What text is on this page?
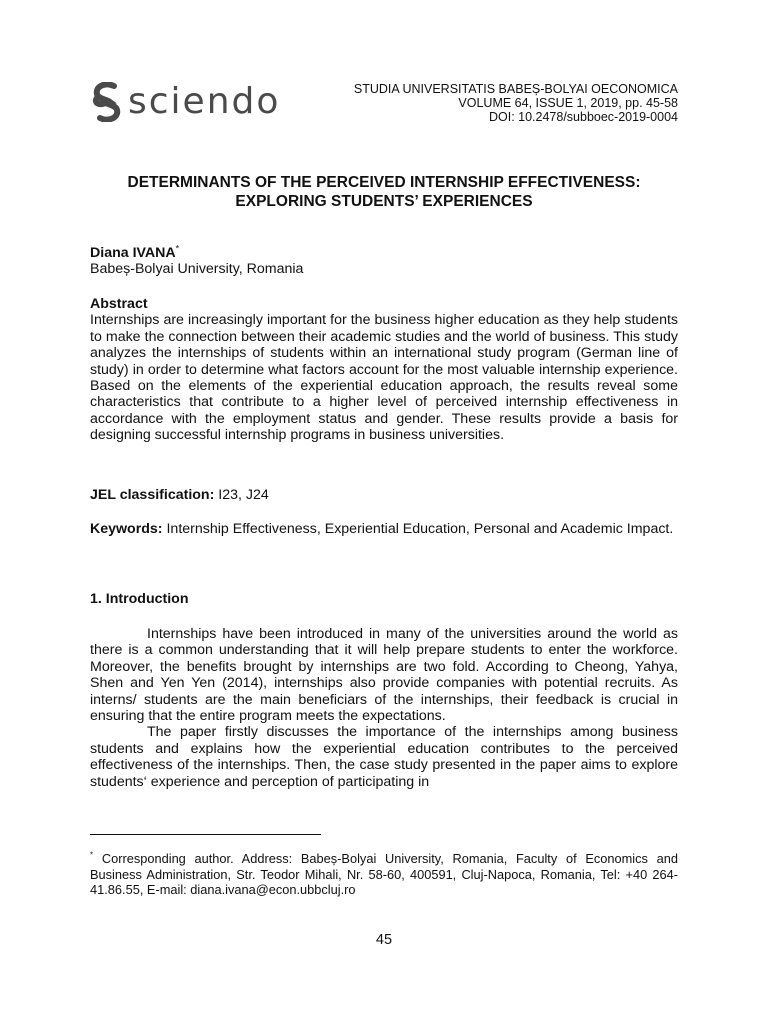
sciendo	STUDIA UNIVERSITATIS BABEȘ-BOLYAI OECONOMICA
VOLUME 64, ISSUE 1, 2019, pp. 45-58
DOI: 10.2478/subboec-2019-0004
DETERMINANTS OF THE PERCEIVED INTERNSHIP EFFECTIVENESS:
EXPLORING STUDENTS’ EXPERIENCES
Diana IVANA*
Babeș-Bolyai University, Romania
Abstract
Internships are increasingly important for the business higher education as they help students to make the connection between their academic studies and the world of business. This study analyzes the internships of students within an international study program (German line of study) in order to determine what factors account for the most valuable internship experience. Based on the elements of the experiential education approach, the results reveal some characteristics that contribute to a higher level of perceived internship effectiveness in accordance with the employment status and gender. These results provide a basis for designing successful internship programs in business universities.
JEL classification: I23, J24
Keywords: Internship Effectiveness, Experiential Education, Personal and Academic Impact.
1. Introduction

Internships have been introduced in many of the universities around the world as there is a common understanding that it will help prepare students to enter the workforce. Moreover, the benefits brought by internships are two fold. According to Cheong, Yahya, Shen and Yen Yen (2014), internships also provide companies with potential recruits. As interns/ students are the main beneficiars of the internships, their feedback is crucial in ensuring that the entire program meets the expectations.

The paper firstly discusses the importance of the internships among business students and explains how the experiential education contributes to the perceived effectiveness of the internships. Then, the case study presented in the paper aims to explore students‘ experience and perception of participating in

* Corresponding author. Address: Babeș-Bolyai University, Romania, Faculty of Economics and Business Administration, Str. Teodor Mihali, Nr. 58-60, 400591, Cluj-Napoca, Romania, Tel: +40 264-41.86.55, E-mail: diana.ivana@econ.ubbcluj.ro
45
